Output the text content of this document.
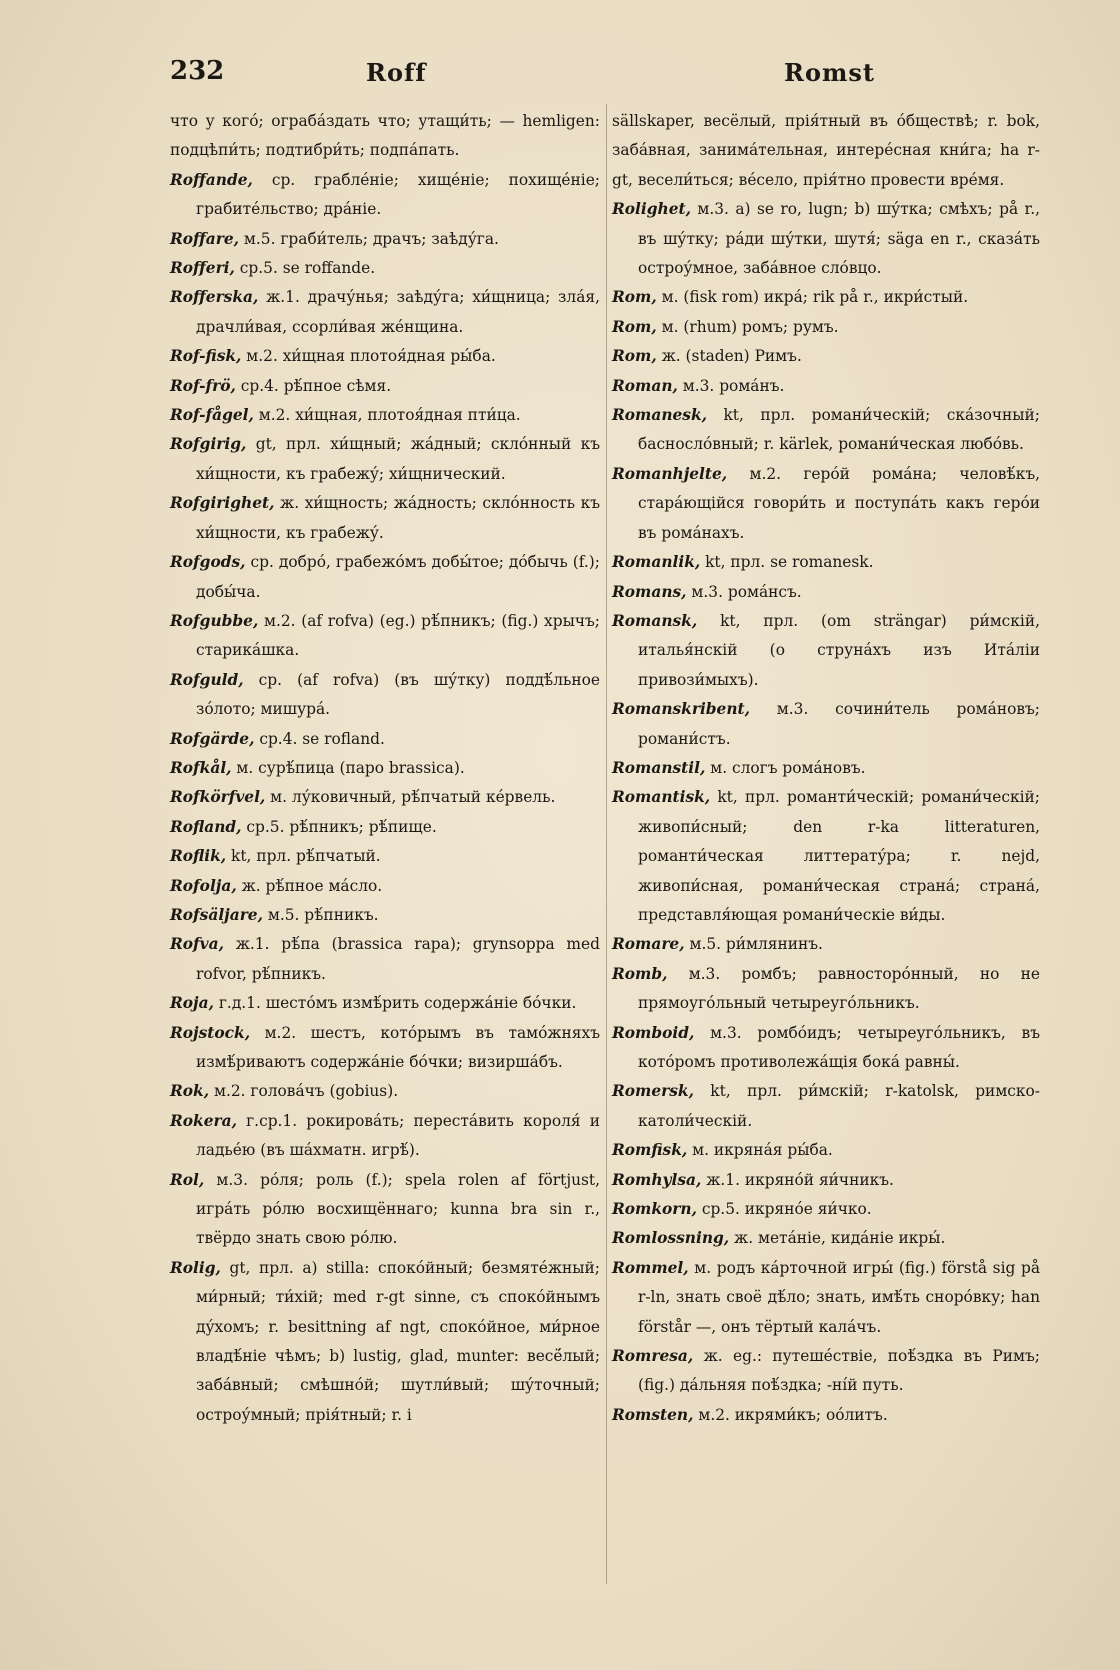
232	Roff	Romst
что у кого́; ограба́здать что; утащи́ть; — hemligen: подцѣпи́ть; подтибри́ть; подпа́пать.
Roffande, ср. грабле́ніе; хище́ніе; похище́ніе; грабите́льство; дра́ніе.
Roffare, м.5. граби́тель; драчъ; заѣду́га.
Rofferi, ср.5. se roffande.
Rofferska, ж.1. драчу́нья; заѣду́га; хи́щница; зла́я, драчли́вая, ссорли́вая же́нщина.
Rof-fisk, м.2. хи́щная плотоя́дная ры́ба.
Rof-frö, ср.4. рѣ́пное сѣмя.
Rof-fågel, м.2. хи́щная, плотоя́дная пти́ца.
Rofgirig, gt, прл. хи́щный; жа́дный; склóнный къ хи́щности, къ грабежу́; хи́щнический.
Rofgirighet, ж. хи́щность; жа́дность; склóнность къ хи́щности, къ грабежу́.
Rofgods, ср. добро́, грабежо́мъ добы́тое; до́бычь (f.); добы́ча.
Rofgubbe, м.2. (af rofva) (eg.) рѣ́пникъ; (fig.) хрычъ; старика́шка.
Rofguld, ср. (af rofva) (въ шу́тку) поддѣ́льное зо́лото; мишура́.
Rofgärde, ср.4. se rofland.
Rofkål, м. сурѣ́пица (паро brassica).
Rofkörfvel, м. лу́ковичный, рѣ́пчатый ке́рвель.
Rofland, ср.5. рѣ́пникъ; рѣ́пище.
Roflik, kt, прл. рѣ́пчатый.
Rofolja, ж. рѣ́пное ма́сло.
Rofsäljare, м.5. рѣ́пникъ.
Rofva, ж.1. рѣ́па (brassica rapa); grynsoppa med rofvor, рѣ́пникъ.
Roja, г.д.1. шесто́мъ измѣ́рить содержа́ніе бо́чки.
Rojstock, м.2. шестъ, кото́рымъ въ тамо́жняхъ измѣ́риваютъ содержа́ніе бо́чки; визирша́бъ.
Rok, м.2. голова́чъ (gobius).
Rokera, г.ср.1. рокирова́ть; перестáвить короля́ и ладьéю (въ ша́хматн. игрѣ́).
Rol, м.3. ро́ля; роль (f.); spela rolen af förtjust, игра́ть ро́лю восхищённаго; kunna bra sin r., твёрдо знать свою ро́лю.
Rolig, gt, прл. a) stilla: споко́йный; безмяте́жный; ми́рный; ти́хій; med r-gt sinne, съ споко́йнымъ ду́хомъ; r. besittning af ngt, споко́йное, ми́рное владѣ́ніе чѣмъ; b) lustig, glad, munter: весё́лый; заба́вный; смѣшно́й; шутли́вый; шу́точный; остроу́мный; прія́тный; r. i
sällskaper, весёлый, прія́тный въ о́бществѣ; r. bok, заба́вная, занима́тельная, интере́сная кни́га; ha r-gt, весели́ться; ве́село, прія́тно провести вре́мя.
Rolighet, м.3. a) se ro, lugn; b) шу́тка; смѣхъ; på r., въ шу́тку; ра́ди шу́тки, шутя́; säga en r., сказа́ть остроу́мное, заба́вное сло́вцо.
Rom, м. (fisk rom) икра́; rik på r., икри́стый.
Rom, м. (rhum) ромъ; румъ.
Rom, ж. (staden) Римъ.
Roman, м.3. рома́нъ.
Romanesk, kt, прл. романи́ческій; ска́зочный; баснослóвный; r. kärlek, романи́ческая любо́вь.
Romanhjelte, м.2. геро́й рома́на; человѣ́къ, старáющійся говори́ть и поступа́ть какъ геро́и въ рома́нахъ.
Romanlik, kt, прл. se romanesk.
Romans, м.3. рома́нсъ.
Romansk, kt, прл. (om strängar) ри́мскій, италья́нскій (о струна́хъ изъ Ита́ліи привози́мыхъ).
Romanskribent, м.3. сочини́тель рома́новъ; романи́стъ.
Romanstil, м. слогъ рома́новъ.
Romantisk, kt, прл. романти́ческій; романи́ческій; живопи́сный; den r-ka litteraturen, романти́ческая литтерату́ра; r. nejd, живопи́сная, романи́ческая страна́; страна́, представля́ющая романи́ческіе ви́ды.
Romare, м.5. ри́млянинъ.
Romb, м.3. ромбъ; равносторóнный, но не прямоуго́льный четыреуго́льникъ.
Romboid, м.3. ромбо́идъ; четыреуго́льникъ, въ кото́ромъ противолежа́щія бока́ равны́.
Romersk, kt, прл. ри́мскій; r-katolsk, римско-католи́ческій.
Romfisk, м. икряна́я ры́ба.
Romhylsa, ж.1. икряно́й яи́чникъ.
Romkorn, ср.5. икряно́е яи́чко.
Romlossning, ж. мета́ніе, кида́ніе икры́.
Rommel, м. родъ ка́рточной игры́ (fig.) förstå sig på r-ln, знать своё дѣ́ло; знать, имѣ́ть сноро́вку; han förstår —, онъ тёртый кала́чъ.
Romresa, ж. eg.: путеше́ствіе, поѣ́здка въ Римъ; (fig.) да́льняя поѣ́здка; -ні́й путь.
Romsten, м.2. икрями́къ; оо́литъ.
